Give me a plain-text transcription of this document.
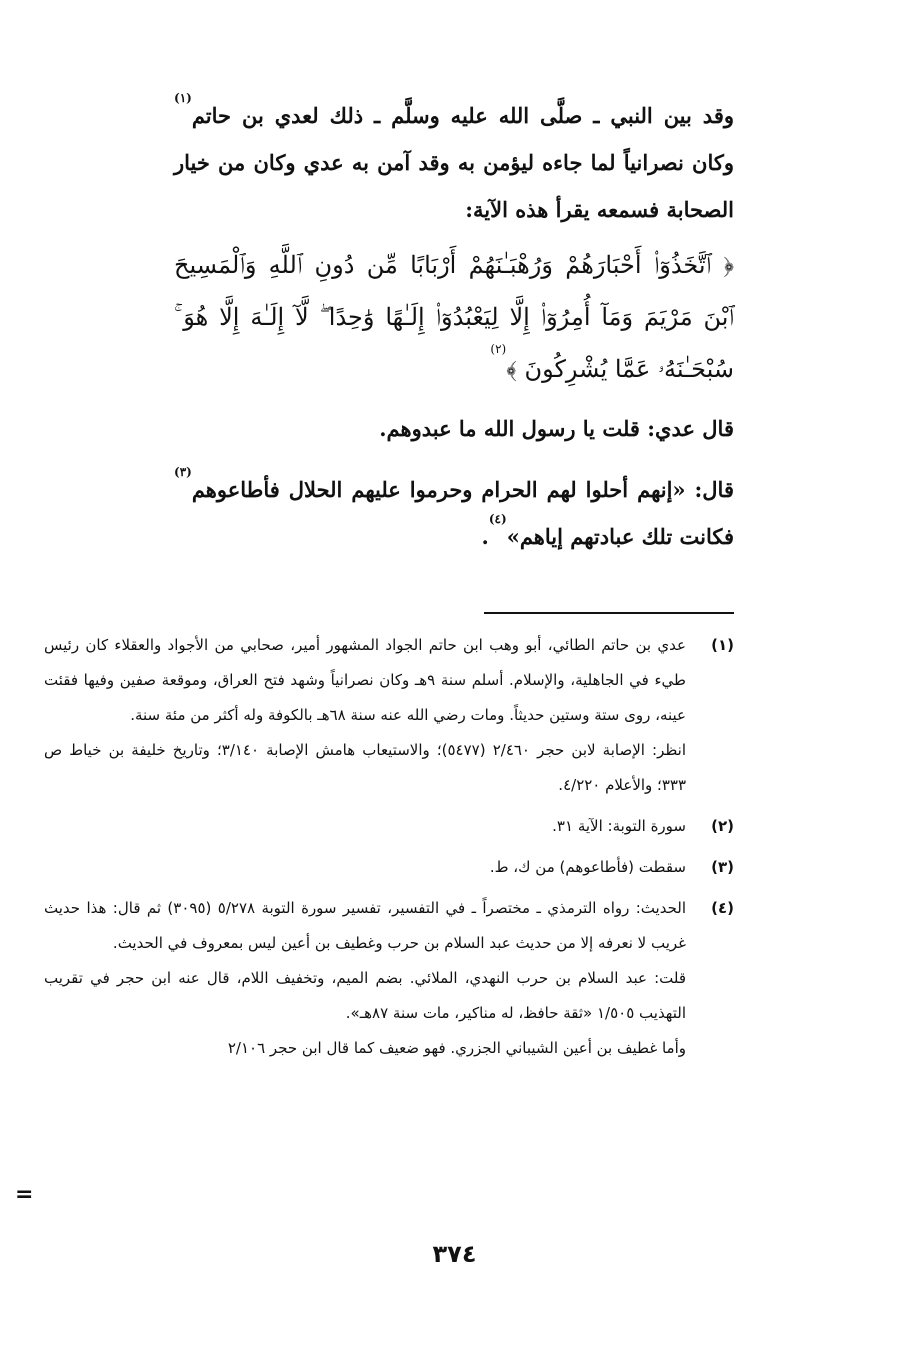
وقد بين النبي ـ صلَّى الله عليه وسلَّم ـ ذلك لعدي بن حاتم$^{(١)}$ وكان نصرانياً لما جاءه ليؤمن به وقد آمن به عدي وكان من خيار الصحابة فسمعه يقرأ هذه الآية:

﴿ ٱتَّخَذُوٓا۟ أَحْبَارَهُمْ وَرُهْبَـٰنَهُمْ أَرْبَابًا مِّن دُونِ ٱللَّهِ وَٱلْمَسِيحَ ٱبْنَ مَرْيَمَ وَمَآ أُمِرُوٓا۟ إِلَّا لِيَعْبُدُوٓا۟ إِلَـٰهًا وَٰحِدًا ۖ لَّآ إِلَـٰهَ إِلَّا هُوَ ۚ سُبْحَـٰنَهُۥ عَمَّا يُشْرِكُونَ ﴾$^{(٢)}$

قال عدي: قلت يا رسول الله ما عبدوهم.

قال: «إنهم أحلوا لهم الحرام وحرموا عليهم الحلال فأطاعوهم$^{(٣)}$ فكانت تلك عبادتهم إياهم»$^{(٤)}$.

(١)

عدي بن حاتم الطائي، أبو وهب ابن حاتم الجواد المشهور أمير، صحابي من الأجواد والعقلاء كان رئيس طيء في الجاهلية، والإسلام. أسلم سنة ٩هـ وكان نصرانياً وشهد فتح العراق، وموقعة صفين وفيها فقئت عينه، روى ستة وستين حديثاً. ومات رضي الله عنه سنة ٦٨هـ بالكوفة وله أكثر من مئة سنة.

انظر: الإصابة لابن حجر ٢/٤٦٠ (٥٤٧٧)؛ والاستيعاب هامش الإصابة ٣/١٤٠؛ وتاريخ خليفة بن خياط ص ٣٣٣؛ والأعلام ٤/٢٢٠.

(٢)

سورة التوبة: الآية ٣١.

(٣)

سقطت (فأطاعوهم) من ك، ط.

(٤)

الحديث: رواه الترمذي ـ مختصراً ـ في التفسير، تفسير سورة التوبة ٥/٢٧٨ (٣٠٩٥) ثم قال: هذا حديث غريب لا نعرفه إلا من حديث عبد السلام بن حرب وغطيف بن أعين ليس بمعروف في الحديث.

قلت: عبد السلام بن حرب النهدي، الملائي. بضم الميم، وتخفيف اللام، قال عنه ابن حجر في تقريب التهذيب ١/٥٠٥ «ثقة حافظ، له مناكير، مات سنة ٨٧هـ».

وأما غطيف بن أعين الشيباني الجزري. فهو ضعيف كما قال ابن حجر ٢/١٠٦

=
٣٧٤
